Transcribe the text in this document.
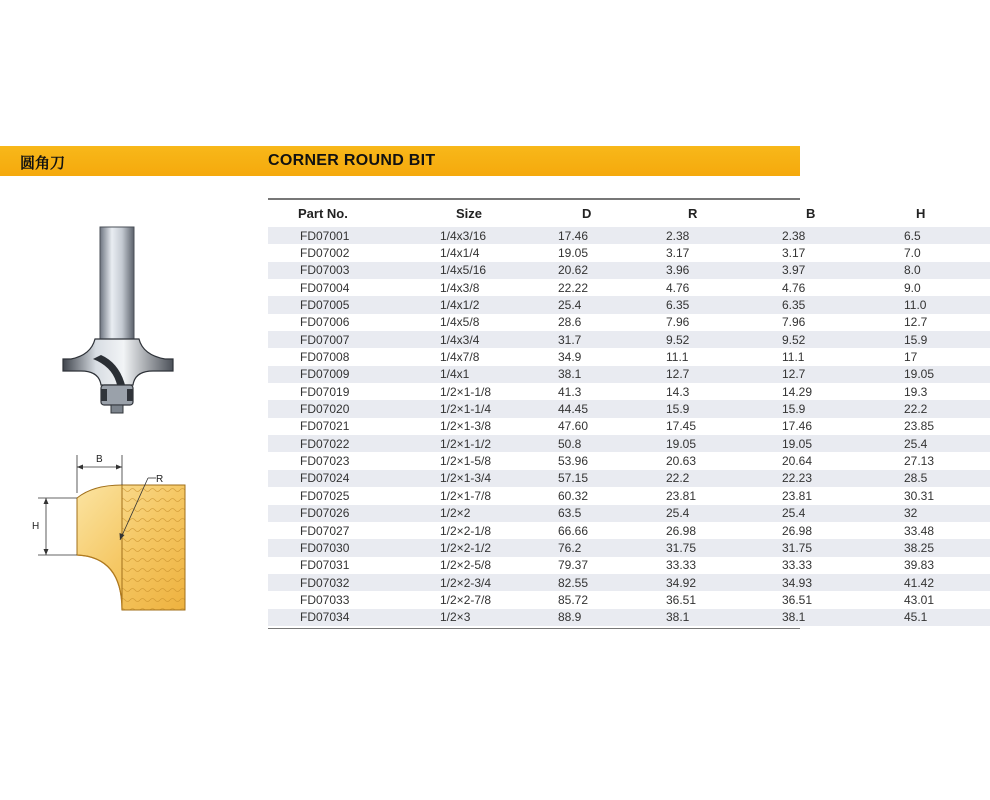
圆角刀	CORNER ROUND BIT
B
H
R
Part No.	Size	D	R	B	H
FD07001	1/4x3/16	17.46	2.38	2.38	6.5
FD07002	1/4x1/4	19.05	3.17	3.17	7.0
FD07003	1/4x5/16	20.62	3.96	3.97	8.0
FD07004	1/4x3/8	22.22	4.76	4.76	9.0
FD07005	1/4x1/2	25.4	6.35	6.35	11.0
FD07006	1/4x5/8	28.6	7.96	7.96	12.7
FD07007	1/4x3/4	31.7	9.52	9.52	15.9
FD07008	1/4x7/8	34.9	11.1	11.1	17
FD07009	1/4x1	38.1	12.7	12.7	19.05
FD07019	1/2×1-1/8	41.3	14.3	14.29	19.3
FD07020	1/2×1-1/4	44.45	15.9	15.9	22.2
FD07021	1/2×1-3/8	47.60	17.45	17.46	23.85
FD07022	1/2×1-1/2	50.8	19.05	19.05	25.4
FD07023	1/2×1-5/8	53.96	20.63	20.64	27.13
FD07024	1/2×1-3/4	57.15	22.2	22.23	28.5
FD07025	1/2×1-7/8	60.32	23.81	23.81	30.31
FD07026	1/2×2	63.5	25.4	25.4	32
FD07027	1/2×2-1/8	66.66	26.98	26.98	33.48
FD07030	1/2×2-1/2	76.2	31.75	31.75	38.25
FD07031	1/2×2-5/8	79.37	33.33	33.33	39.83
FD07032	1/2×2-3/4	82.55	34.92	34.93	41.42
FD07033	1/2×2-7/8	85.72	36.51	36.51	43.01
FD07034	1/2×3	88.9	38.1	38.1	45.1
